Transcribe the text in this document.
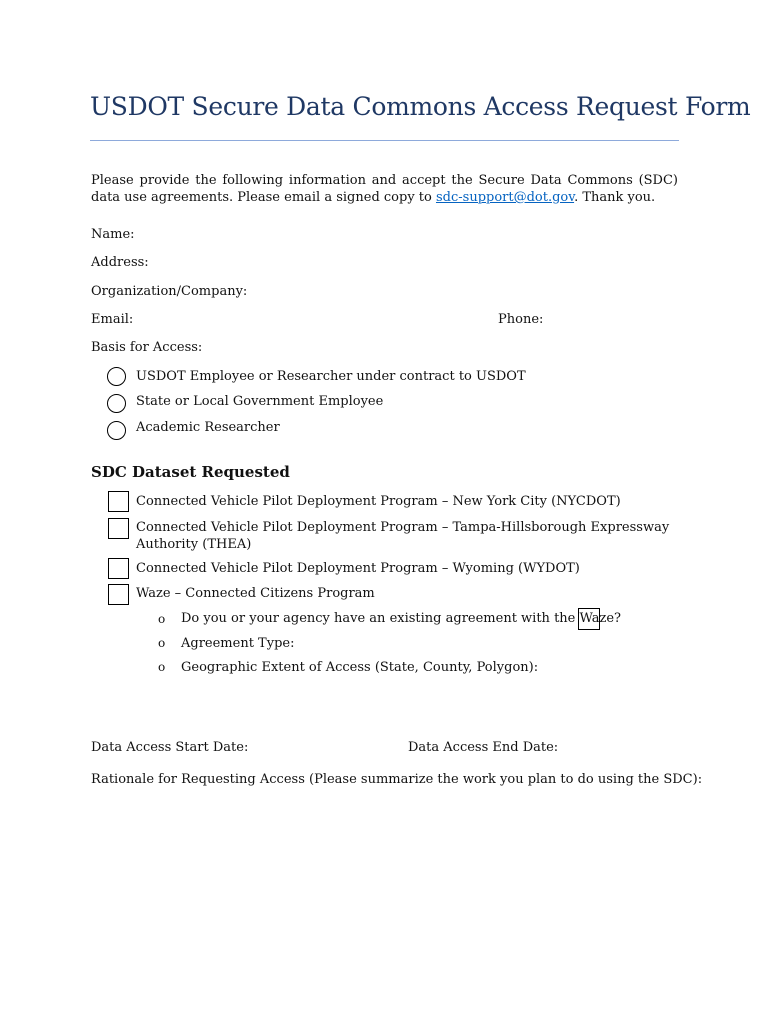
USDOT Secure Data Commons Access Request Form
Please provide the following information and accept the Secure Data Commons (SDC) data use agreements. Please email a signed copy to sdc-support@dot.gov. Thank you.
Name:
Address:
Organization/Company:
Email:	Phone:
Basis for Access:
USDOT Employee or Researcher under contract to USDOT
State or Local Government Employee
Academic Researcher
SDC Dataset Requested
Connected Vehicle Pilot Deployment Program – New York City (NYCDOT)
Connected Vehicle Pilot Deployment Program – Tampa-Hillsborough Expressway Authority (THEA)
Connected Vehicle Pilot Deployment Program – Wyoming (WYDOT)
Waze – Connected Citizens Program
o Do you or your agency have an existing agreement with the Waze?
o Agreement Type:
o Geographic Extent of Access (State, County, Polygon):
Data Access Start Date:	Data Access End Date:
Rationale for Requesting Access (Please summarize the work you plan to do using the SDC):
